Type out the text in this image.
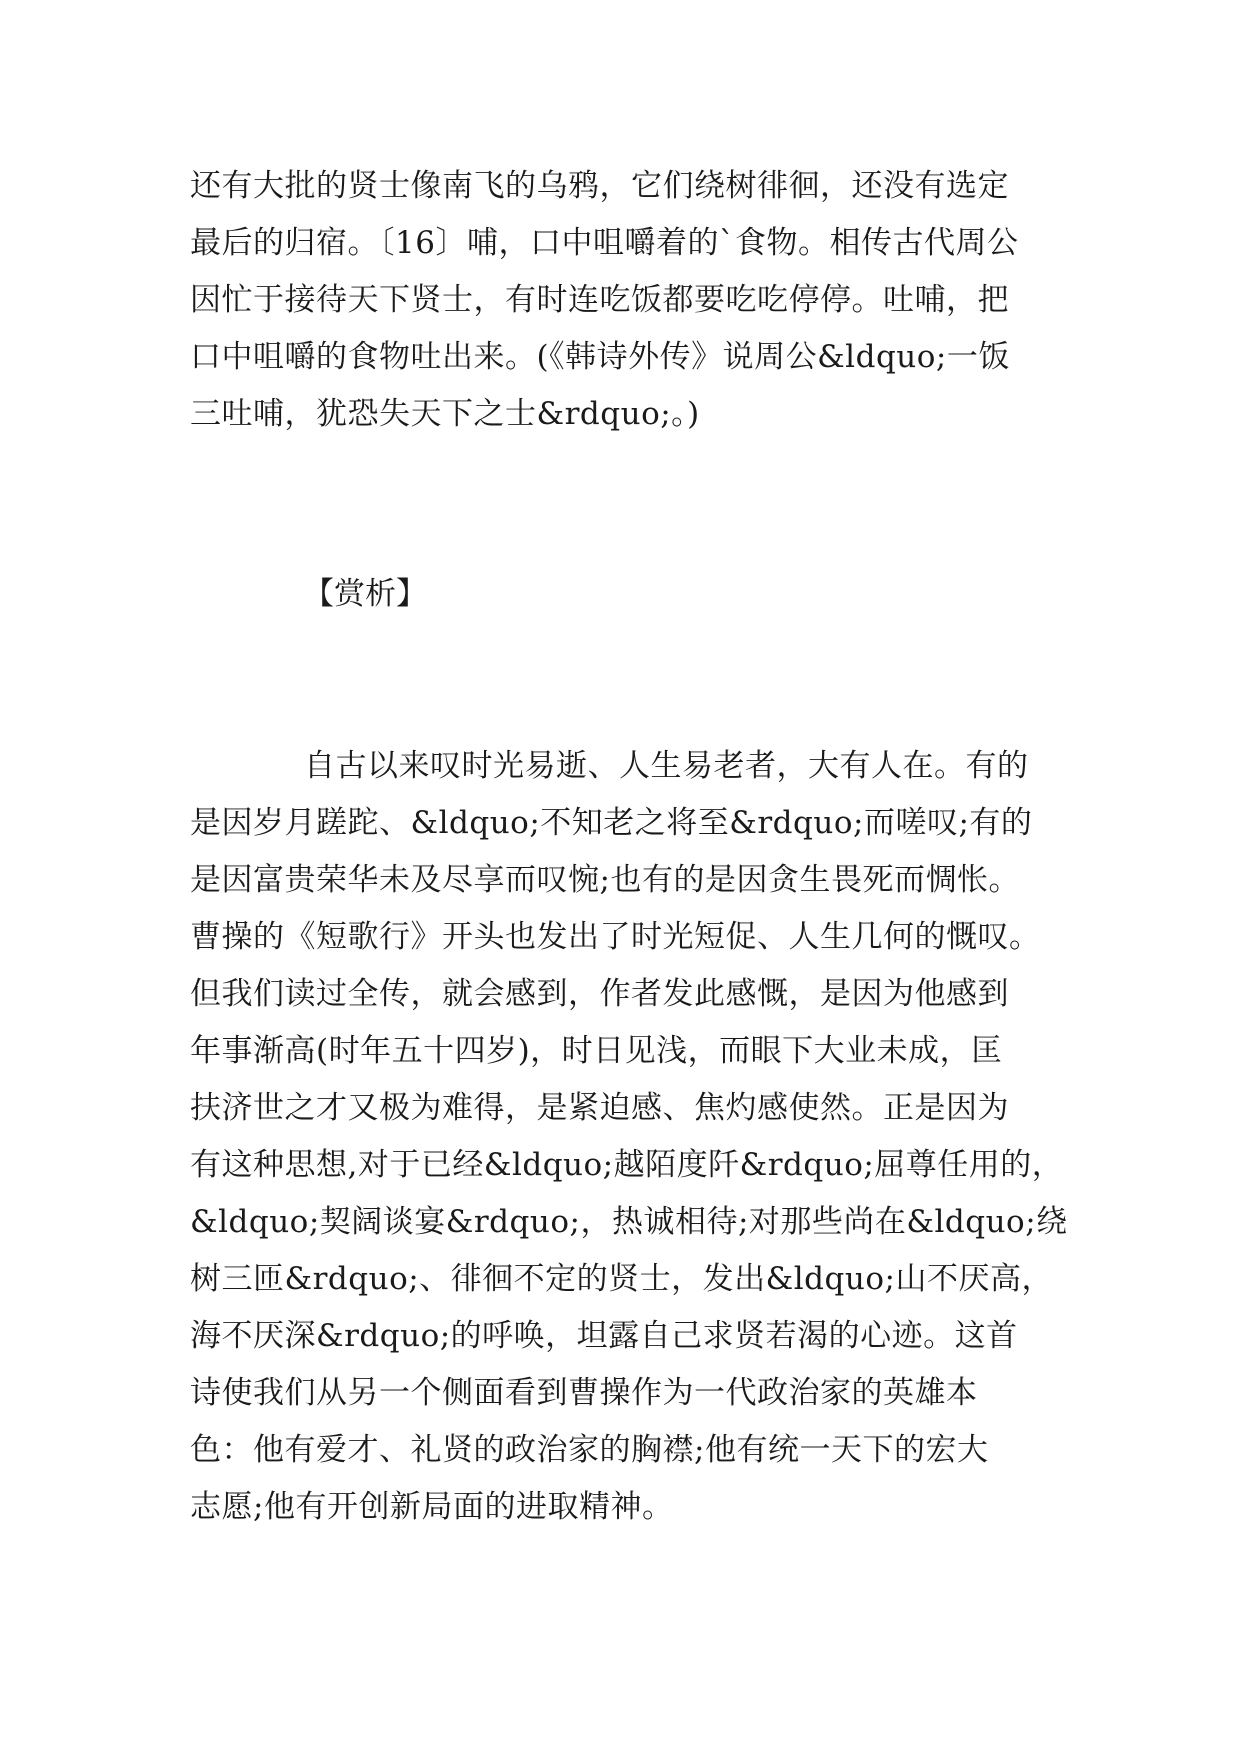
还有大批的贤士像南飞的乌鸦，它们绕树徘徊，还没有选定
最后的归宿。〔16〕哺，口中咀嚼着的`食物。相传古代周公
因忙于接待天下贤士，有时连吃饭都要吃吃停停。吐哺，把
口中咀嚼的食物吐出来。(《韩诗外传》说周公&ldquo;一饭
三吐哺，犹恐失天下之士&rdquo;。)
【赏析】
自古以来叹时光易逝、人生易老者，大有人在。有的
是因岁月蹉跎、&ldquo;不知老之将至&rdquo;而嗟叹;有的
是因富贵荣华未及尽享而叹惋;也有的是因贪生畏死而惆怅。
曹操的《短歌行》开头也发出了时光短促、人生几何的慨叹。
但我们读过全传，就会感到，作者发此感慨，是因为他感到
年事渐高(时年五十四岁)，时日见浅，而眼下大业未成，匡
扶济世之才又极为难得，是紧迫感、焦灼感使然。正是因为
有这种思想,对于已经&ldquo;越陌度阡&rdquo;屈尊任用的，
&ldquo;契阔谈宴&rdquo;，热诚相待;对那些尚在&ldquo;绕
树三匝&rdquo;、徘徊不定的贤士，发出&ldquo;山不厌高，
海不厌深&rdquo;的呼唤，坦露自己求贤若渴的心迹。这首
诗使我们从另一个侧面看到曹操作为一代政治家的英雄本
色：他有爱才、礼贤的政治家的胸襟;他有统一天下的宏大
志愿;他有开创新局面的进取精神。
